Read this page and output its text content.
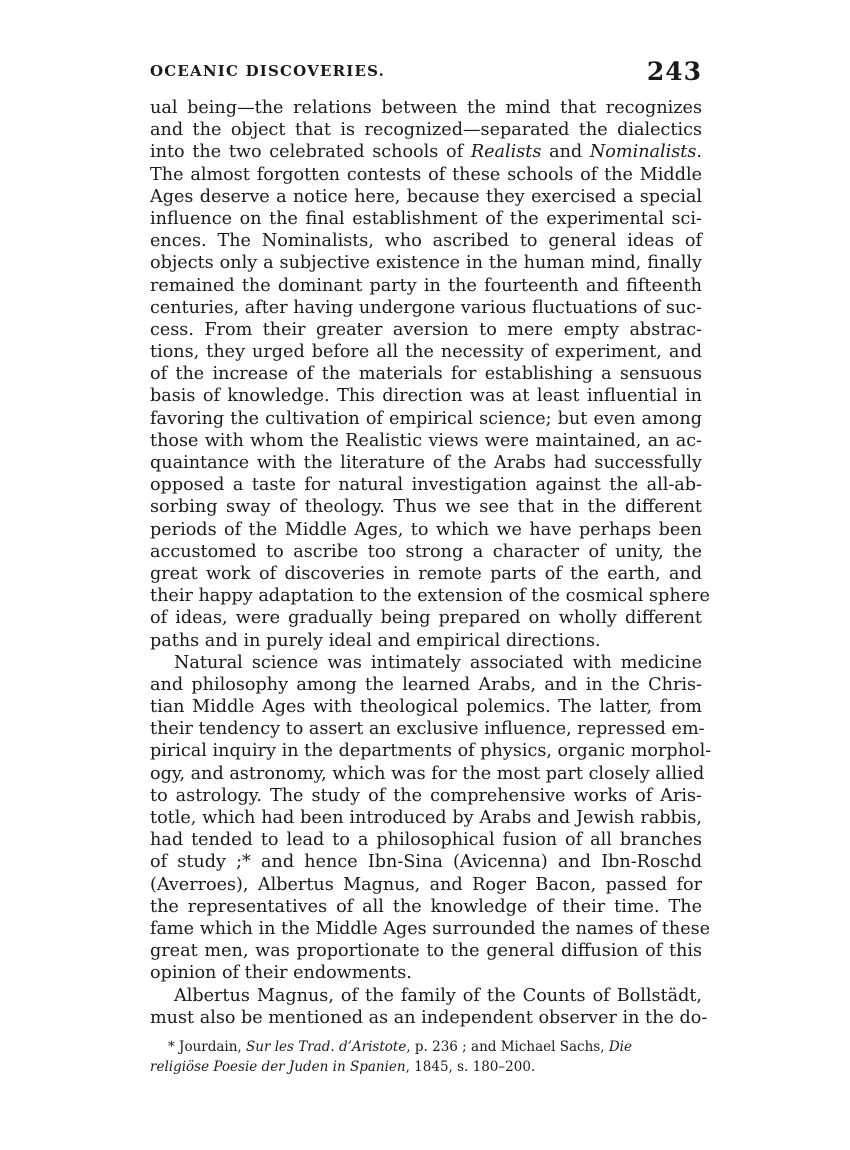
OCEANIC DISCOVERIES.	243
ual being—the relations between the mind that recognizes
and the object that is recognized—separated the dialectics
into the two celebrated schools of Realists and Nominalists.
The almost forgotten contests of these schools of the Middle
Ages deserve a notice here, because they exercised a special
influence on the final establishment of the experimental sci-
ences. The Nominalists, who ascribed to general ideas of
objects only a subjective existence in the human mind, finally
remained the dominant party in the fourteenth and fifteenth
centuries, after having undergone various fluctuations of suc-
cess. From their greater aversion to mere empty abstrac-
tions, they urged before all the necessity of experiment, and
of the increase of the materials for establishing a sensuous
basis of knowledge. This direction was at least influential in
favoring the cultivation of empirical science; but even among
those with whom the Realistic views were maintained, an ac-
quaintance with the literature of the Arabs had successfully
opposed a taste for natural investigation against the all-ab-
sorbing sway of theology. Thus we see that in the different
periods of the Middle Ages, to which we have perhaps been
accustomed to ascribe too strong a character of unity, the
great work of discoveries in remote parts of the earth, and
their happy adaptation to the extension of the cosmical sphere
of ideas, were gradually being prepared on wholly different
paths and in purely ideal and empirical directions.
Natural science was intimately associated with medicine
and philosophy among the learned Arabs, and in the Chris-
tian Middle Ages with theological polemics. The latter, from
their tendency to assert an exclusive influence, repressed em-
pirical inquiry in the departments of physics, organic morphol-
ogy, and astronomy, which was for the most part closely allied
to astrology. The study of the comprehensive works of Aris-
totle, which had been introduced by Arabs and Jewish rabbis,
had tended to lead to a philosophical fusion of all branches
of study ;* and hence Ibn-Sina (Avicenna) and Ibn-Roschd
(Averroes), Albertus Magnus, and Roger Bacon, passed for
the representatives of all the knowledge of their time. The
fame which in the Middle Ages surrounded the names of these
great men, was proportionate to the general diffusion of this
opinion of their endowments.
Albertus Magnus, of the family of the Counts of Bollstädt,
must also be mentioned as an independent observer in the do-
* Jourdain, Sur les Trad. d’Aristote, p. 236 ; and Michael Sachs, Die
religiöse Poesie der Juden in Spanien, 1845, s. 180–200.
